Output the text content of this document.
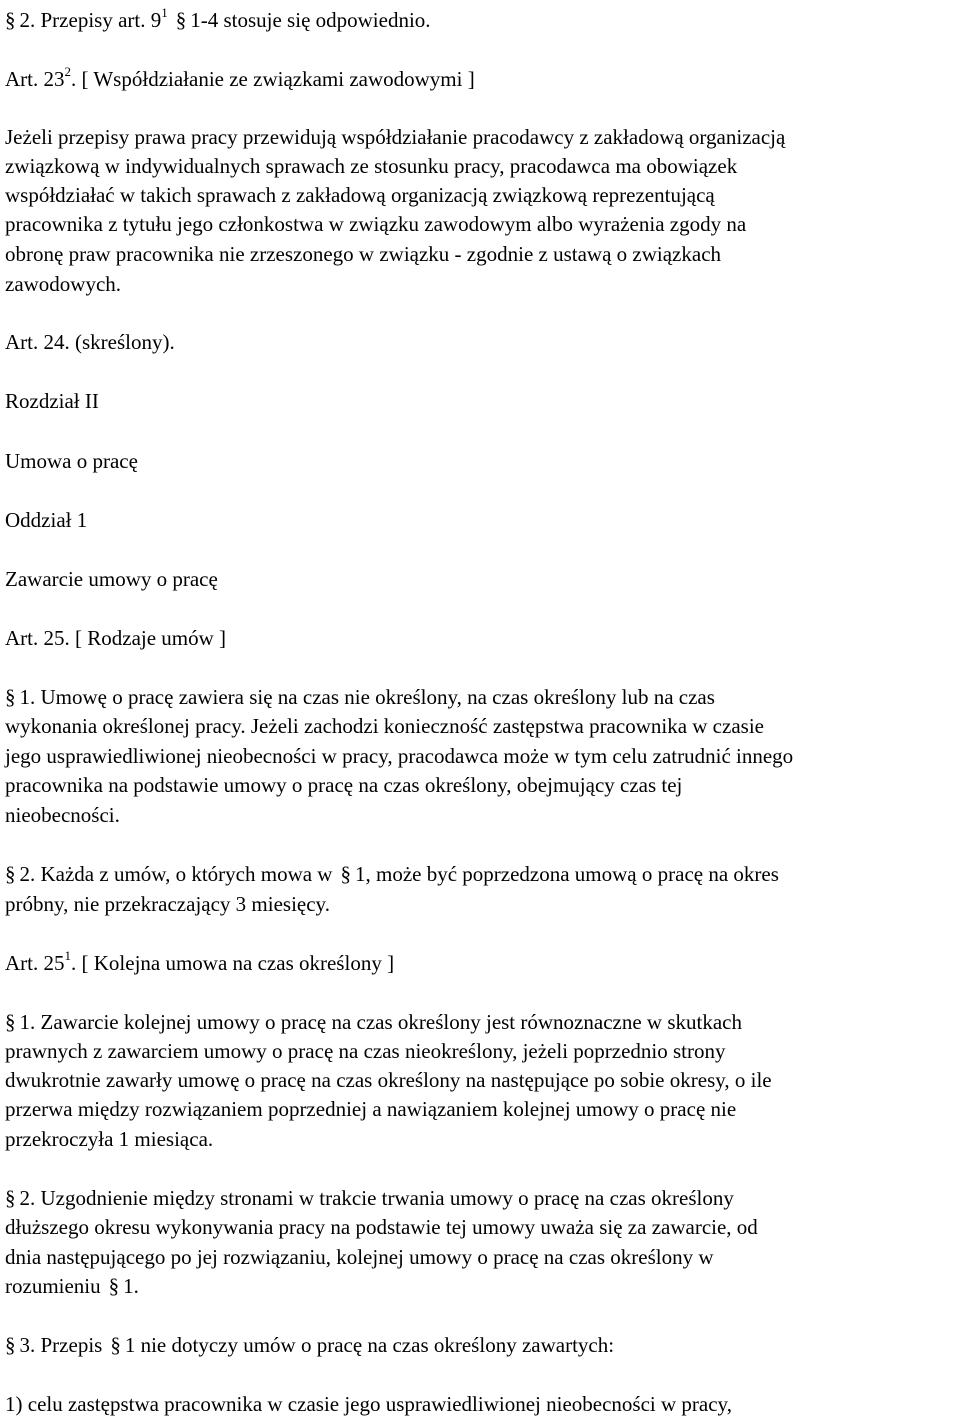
§ 2. Przepisy art. $9^1$ § 1-4 stosuje się odpowiednio.
Art. $23^2$. [ Współdziałanie ze związkami zawodowymi ]
Jeżeli przepisy prawa pracy przewidują współdziałanie pracodawcy z zakładową organizacją
związkową w indywidualnych sprawach ze stosunku pracy, pracodawca ma obowiązek
współdziałać w takich sprawach z zakładową organizacją związkową reprezentującą
pracownika z tytułu jego członkostwa w związku zawodowym albo wyrażenia zgody na
obronę praw pracownika nie zrzeszonego w związku - zgodnie z ustawą o związkach
zawodowych.
Art. 24. (skreślony).
Rozdział II
Umowa o pracę
Oddział 1
Zawarcie umowy o pracę
Art. 25. [ Rodzaje umów ]
§ 1. Umowę o pracę zawiera się na czas nie określony, na czas określony lub na czas
wykonania określonej pracy. Jeżeli zachodzi konieczność zastępstwa pracownika w czasie
jego usprawiedliwionej nieobecności w pracy, pracodawca może w tym celu zatrudnić innego
pracownika na podstawie umowy o pracę na czas określony, obejmujący czas tej
nieobecności.
§ 2. Każda z umów, o których mowa w § 1, może być poprzedzona umową o pracę na okres
próbny, nie przekraczający 3 miesięcy.
Art. $25^1$. [ Kolejna umowa na czas określony ]
§ 1. Zawarcie kolejnej umowy o pracę na czas określony jest równoznaczne w skutkach
prawnych z zawarciem umowy o pracę na czas nieokreślony, jeżeli poprzednio strony
dwukrotnie zawarły umowę o pracę na czas określony na następujące po sobie okresy, o ile
przerwa między rozwiązaniem poprzedniej a nawiązaniem kolejnej umowy o pracę nie
przekroczyła 1 miesiąca.
§ 2. Uzgodnienie między stronami w trakcie trwania umowy o pracę na czas określony
dłuższego okresu wykonywania pracy na podstawie tej umowy uważa się za zawarcie, od
dnia następującego po jej rozwiązaniu, kolejnej umowy o pracę na czas określony w
rozumieniu § 1.
§ 3. Przepis § 1 nie dotyczy umów o pracę na czas określony zawartych:
1) celu zastępstwa pracownika w czasie jego usprawiedliwionej nieobecności w pracy,
